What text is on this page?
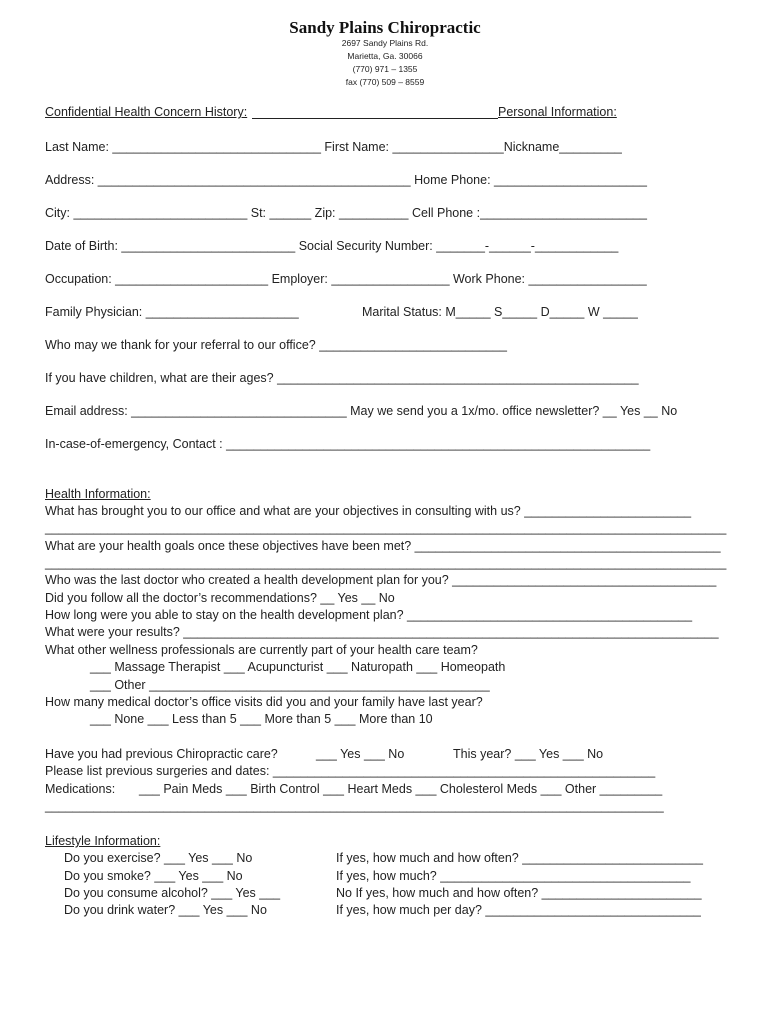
Sandy Plains Chiropractic
2697 Sandy Plains Rd.
Marietta, Ga. 30066
(770) 971 – 1355
fax (770) 509 – 8559
Confidential Health Concern History:	Personal Information:
Last Name: ______________________________ First Name: ________________Nickname_________
Address: _____________________________________________ Home Phone: ______________________
City: _________________________ St: ______ Zip: __________ Cell Phone :________________________
Date of Birth: _________________________ Social Security Number: _______-______-____________
Occupation: ______________________ Employer: _________________ Work Phone: _________________
Family Physician: ______________________	Marital Status: M_____ S_____ D_____ W _____
Who may we thank for your referral to our office? ___________________________
If you have children, what are their ages? ____________________________________________________
Email address: _______________________________ May we send you a 1x/mo. office newsletter? __ Yes __ No
In-case-of-emergency, Contact : _____________________________________________________________
Health Information:
What has brought you to our office and what are your objectives in consulting with us? ________________________
__________________________________________________________________________________________________
What are your health goals once these objectives have been met? ____________________________________________
__________________________________________________________________________________________________
Who was the last doctor who created a health development plan for you? ______________________________________
Did you follow all the doctor’s recommendations? __ Yes __ No
How long were you able to stay on the health development plan? _________________________________________
What were your results? _____________________________________________________________________________
What other wellness professionals are currently part of your health care team?
___ Massage Therapist ___ Acupuncturist ___ Naturopath ___ Homeopath
___ Other _________________________________________________
How many medical doctor’s office visits did you and your family have last year?
___ None ___ Less than 5 ___ More than 5 ___ More than 10
Have you had previous Chiropractic care?	___ Yes ___ No	This year? ___ Yes ___ No
Please list previous surgeries and dates: _______________________________________________________
Medications: ___ Pain Meds ___ Birth Control ___ Heart Meds ___ Cholesterol Meds ___ Other _________
_________________________________________________________________________________________
Lifestyle Information:
Do you exercise? ___ Yes ___ No	If yes, how much and how often? __________________________
Do you smoke? ___ Yes ___ No	If yes, how much? ____________________________________
Do you consume alcohol? ___ Yes ___	No If yes, how much and how often? _______________________
Do you drink water? ___ Yes ___ No	If yes, how much per day? _______________________________
